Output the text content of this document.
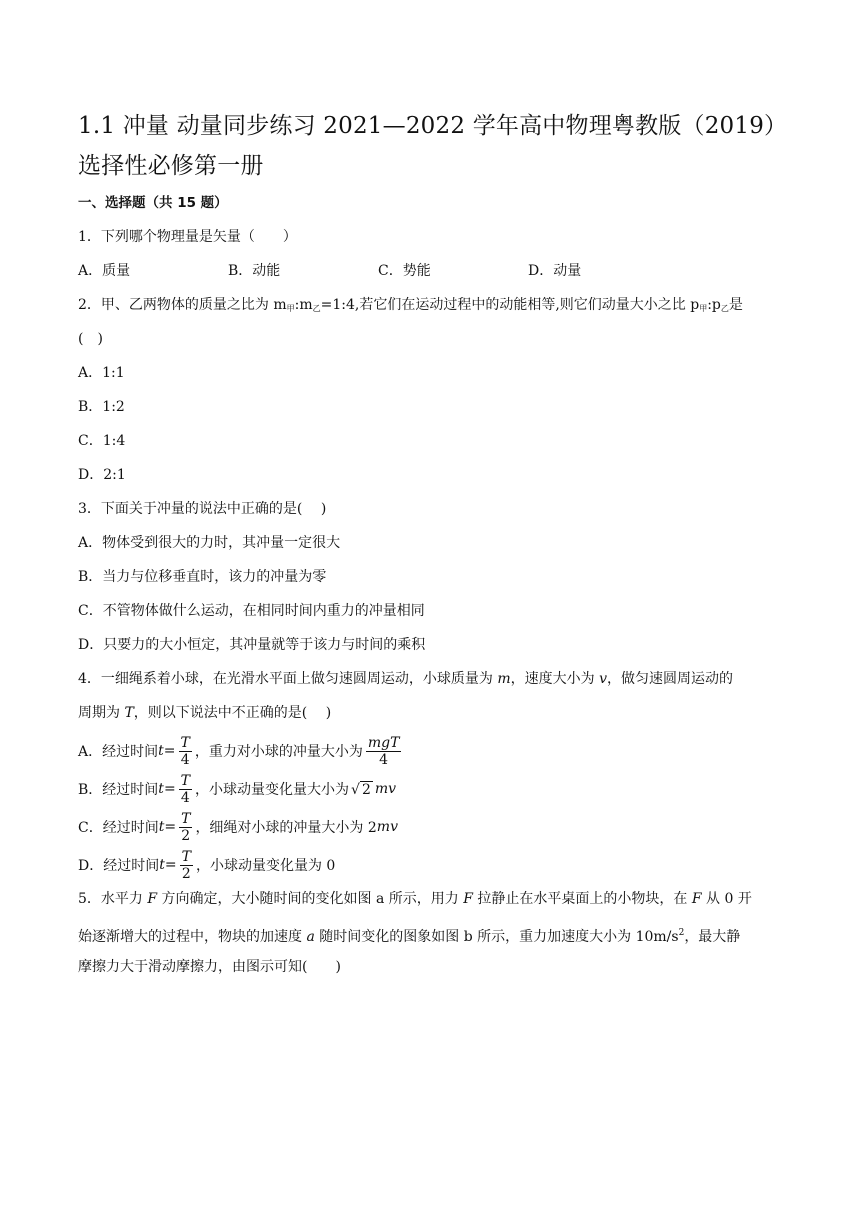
1.1 冲量 动量同步练习 2021—2022 学年高中物理粤教版（2019）选择性必修第一册
一、选择题（共 15 题）
1．下列哪个物理量是矢量（　　）
A．质量	B．动能	C．势能	D．动量
2．甲、乙两物体的质量之比为 $m_甲:m_乙=1:4$,若它们在运动过程中的动能相等,则它们动量大小之比 $p_甲:p_乙$是
(　)
A．1:1
B．1:2
C．1:4
D．2:1
3．下面关于冲量的说法中正确的是(　 )
A．物体受到很大的力时，其冲量一定很大
B．当力与位移垂直时，该力的冲量为零
C．不管物体做什么运动，在相同时间内重力的冲量相同
D．只要力的大小恒定，其冲量就等于该力与时间的乘积
4．一细绳系着小球，在光滑水平面上做匀速圆周运动，小球质量为 m，速度大小为 v，做匀速圆周运动的
周期为 T，则以下说法中不正确的是(　 )
A．经过时间 $t = \frac{T}{4}$ ，重力对小球的冲量大小为 $\frac{\text{mgT}}{4}$
B．经过时间 $t = \frac{T}{4}$ ，小球动量变化量大小为 √ 2 mv
C．经过时间 $t = \frac{T}{2}$ ，细绳对小球的冲量大小为 2 mv
D．经过时间 $t = \frac{T}{2}$ ，小球动量变化量为 0
5．水平力 F 方向确定，大小随时间的变化如图 a 所示，用力 F 拉静止在水平桌面上的小物块，在 F 从 0 开
始逐渐增大的过程中，物块的加速度 a 随时间变化的图象如图 b 所示，重力加速度大小为 $10m/s^2$，最大静
摩擦力大于滑动摩擦力，由图示可知(　　)
